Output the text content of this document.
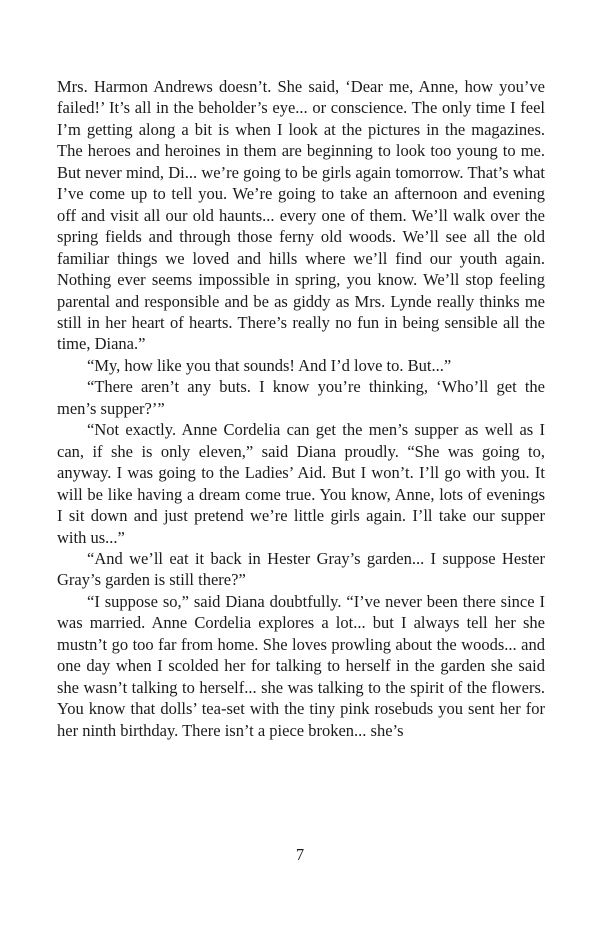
Mrs. Harmon Andrews doesn’t. She said, ‘Dear me, Anne, how you’ve failed!’ It’s all in the beholder’s eye... or conscience. The only time I feel I’m getting along a bit is when I look at the pictures in the magazines. The heroes and heroines in them are beginning to look too young to me. But never mind, Di... we’re going to be girls again tomorrow. That’s what I’ve come up to tell you. We’re going to take an afternoon and evening off and visit all our old haunts... every one of them. We’ll walk over the spring fields and through those ferny old woods. We’ll see all the old familiar things we loved and hills where we’ll find our youth again. Nothing ever seems impossible in spring, you know. We’ll stop feeling parental and responsible and be as giddy as Mrs. Lynde really thinks me still in her heart of hearts. There’s really no fun in being sensible all the time, Diana.”

“My, how like you that sounds! And I’d love to. But...”

“There aren’t any buts. I know you’re thinking, ‘Who’ll get the men’s supper?’”

“Not exactly. Anne Cordelia can get the men’s supper as well as I can, if she is only eleven,” said Diana proudly. “She was going to, anyway. I was going to the Ladies’ Aid. But I won’t. I’ll go with you. It will be like having a dream come true. You know, Anne, lots of evenings I sit down and just pretend we’re little girls again. I’ll take our supper with us...”

“And we’ll eat it back in Hester Gray’s garden... I suppose Hester Gray’s garden is still there?”

“I suppose so,” said Diana doubtfully. “I’ve never been there since I was married. Anne Cordelia explores a lot... but I always tell her she mustn’t go too far from home. She loves prowling about the woods... and one day when I scolded her for talking to herself in the garden she said she wasn’t talking to herself... she was talking to the spirit of the flowers. You know that dolls’ tea-set with the tiny pink rosebuds you sent her for her ninth birthday. There isn’t a piece broken... she’s

7
